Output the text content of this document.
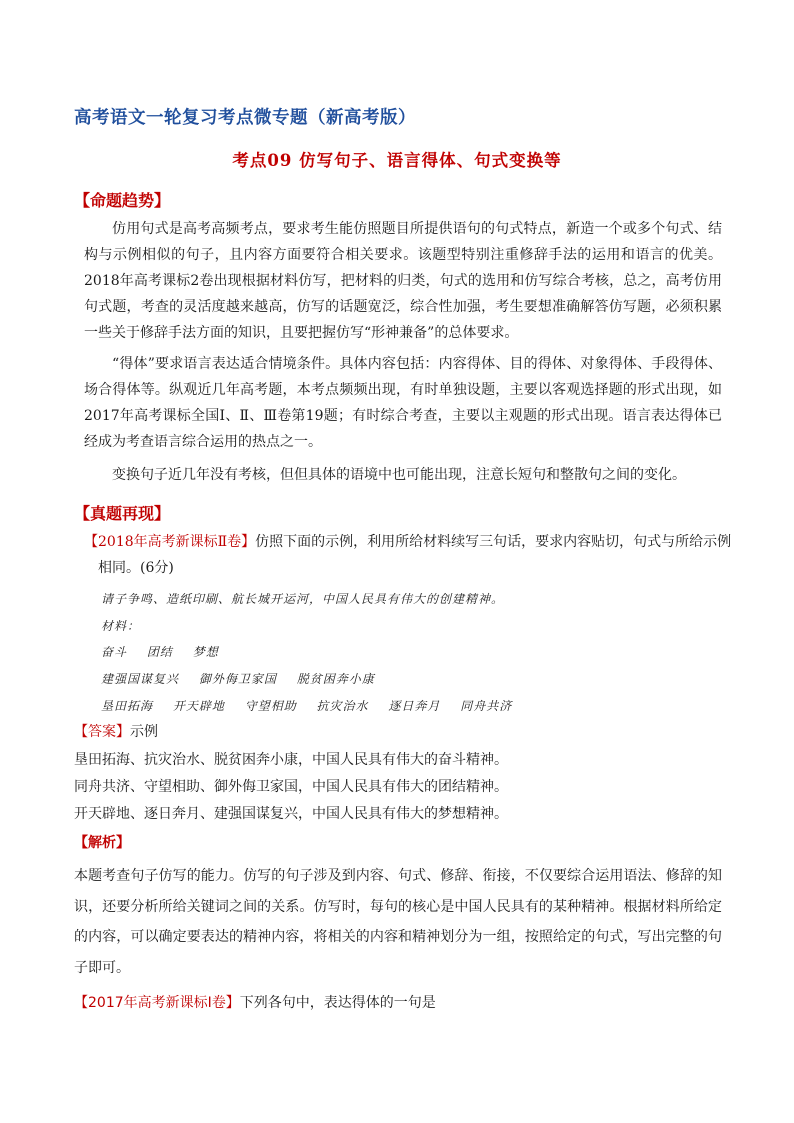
高考语文一轮复习考点微专题（新高考版）
考点09 仿写句子、语言得体、句式变换等
【命题趋势】

仿用句式是高考高频考点，要求考生能仿照题目所提供语句的句式特点，新造一个或多个句式、结构与示例相似的句子，且内容方面要符合相关要求。该题型特别注重修辞手法的运用和语言的优美。2018年高考课标2卷出现根据材料仿写，把材料的归类，句式的选用和仿写综合考核，总之，高考仿用句式题，考查的灵活度越来越高，仿写的话题宽泛，综合性加强，考生要想准确解答仿写题，必须积累一些关于修辞手法方面的知识，且要把握仿写“形神兼备”的总体要求。

“得体”要求语言表达适合情境条件。具体内容包括：内容得体、目的得体、对象得体、手段得体、场合得体等。纵观近几年高考题，本考点频频出现，有时单独设题，主要以客观选择题的形式出现，如2017年高考课标全国Ⅰ、Ⅱ、Ⅲ卷第19题；有时综合考查，主要以主观题的形式出现。语言表达得体已经成为考查语言综合运用的热点之一。

变换句子近几年没有考核，但但具体的语境中也可能出现，注意长短句和整散句之间的变化。

【真题再现】
【2018年高考新课标Ⅱ卷】仿照下面的示例，利用所给材料续写三句话，要求内容贴切，句式与所给示例相同。(6分)
请子争鸣、造纸印刷、航长城开运河，中国人民具有伟大的创建精神。
材料：
奋斗 团结 梦想
建强国谋复兴 御外侮卫家国 脱贫困奔小康
垦田拓海 开天辟地 守望相助 抗灾治水 逐日奔月 同舟共济
【答案】示例
垦田拓海、抗灾治水、脱贫困奔小康，中国人民具有伟大的奋斗精神。
同舟共济、守望相助、御外侮卫家国，中国人民具有伟大的团结精神。
开天辟地、逐日奔月、建强国谋复兴，中国人民具有伟大的梦想精神。
【解析】

本题考查句子仿写的能力。仿写的句子涉及到内容、句式、修辞、衔接，不仅要综合运用语法、修辞的知识，还要分析所给关键词之间的关系。仿写时，每句的核心是中国人民具有的某种精神。根据材料所给定的内容，可以确定要表达的精神内容，将相关的内容和精神划分为一组，按照给定的句式，写出完整的句子即可。

【2017年高考新课标Ⅰ卷】下列各句中，表达得体的一句是
